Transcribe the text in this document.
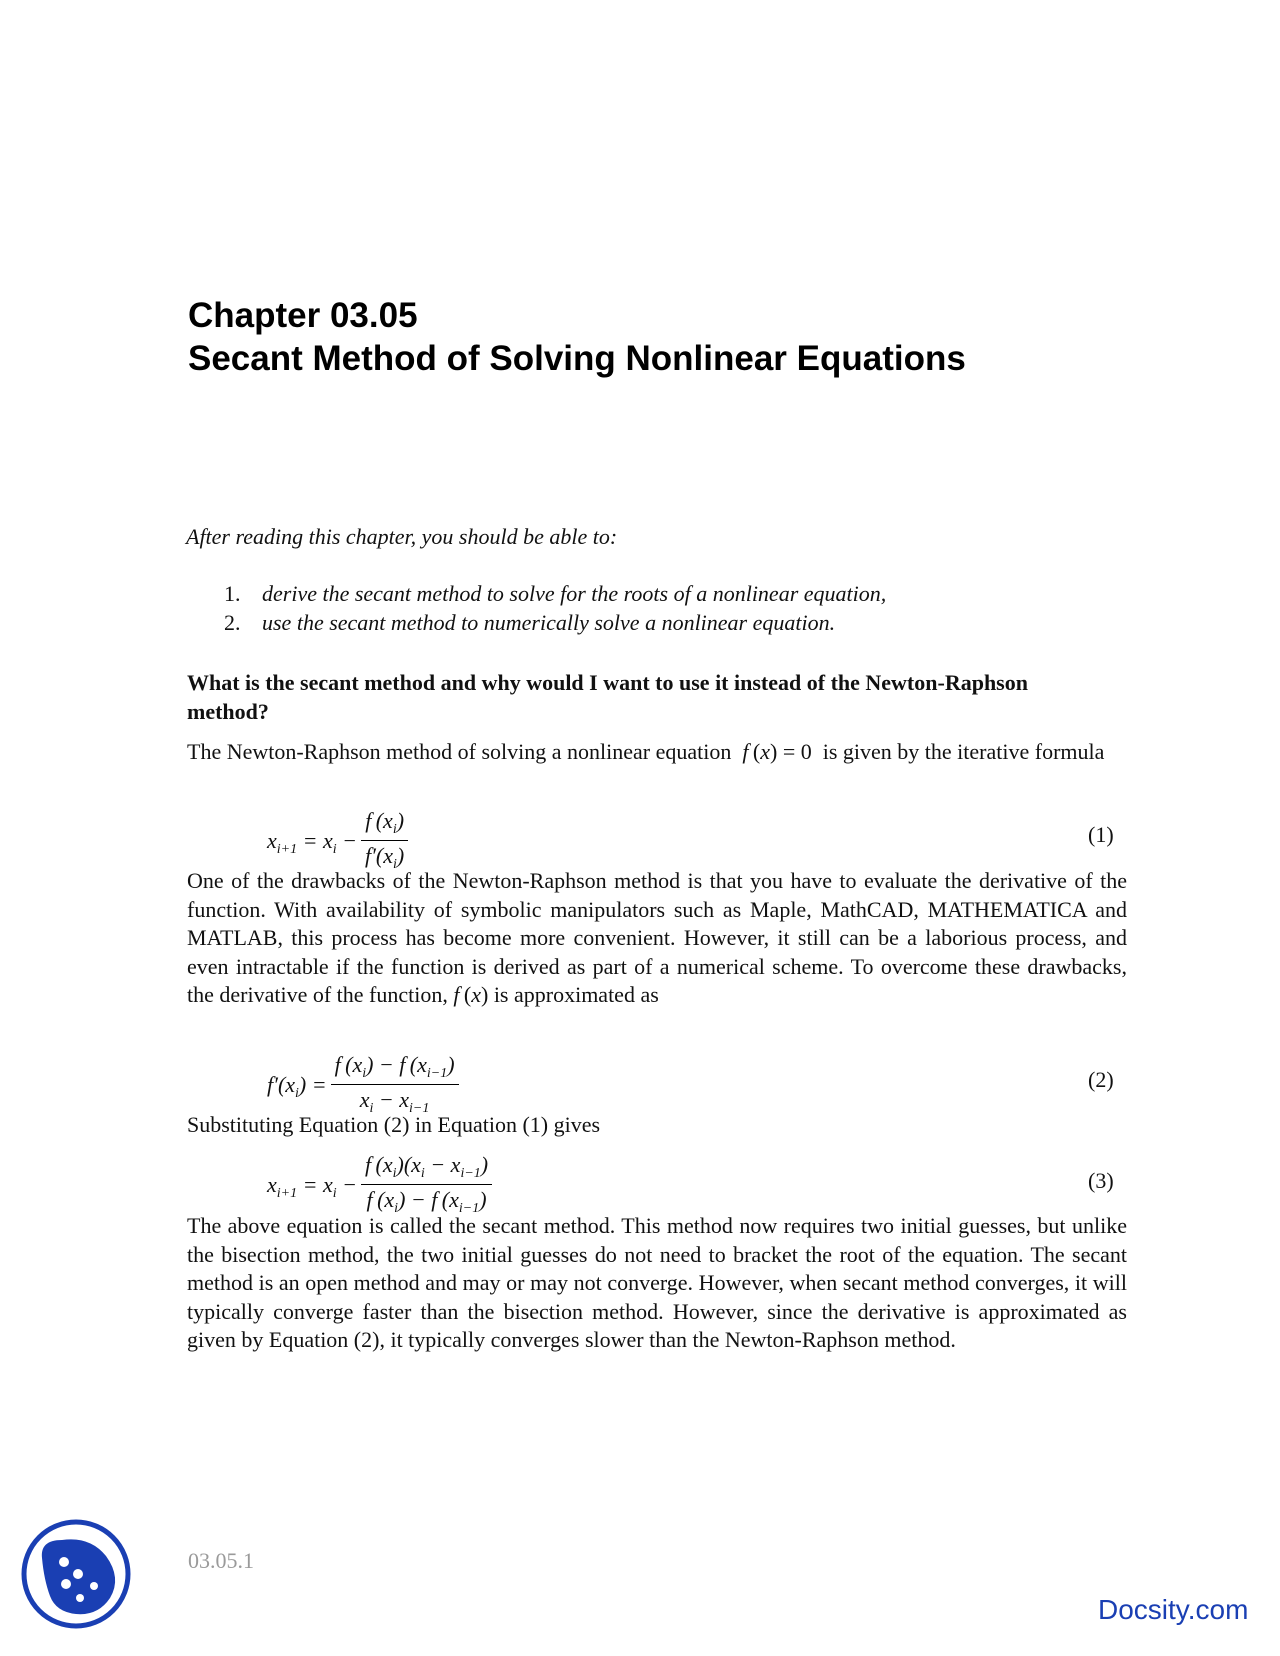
Chapter 03.05
Secant Method of Solving Nonlinear Equations

After reading this chapter, you should be able to:

1. derive the secant method to solve for the roots of a nonlinear equation,
2. use the secant method to numerically solve a nonlinear equation.
What is the secant method and why would I want to use it instead of the Newton-Raphson method?

The Newton-Raphson method of solving a nonlinear equation f (x) = 0  is given by the iterative formula

$x_{i+1} = x_i - \frac{f (x_i)}{f'(x_i)}$	(1)

One of the drawbacks of the Newton-Raphson method is that you have to evaluate the derivative of the function. With availability of symbolic manipulators such as Maple, MathCAD, MATHEMATICA and MATLAB, this process has become more convenient. However, it still can be a laborious process, and even intractable if the function is derived as part of a numerical scheme. To overcome these drawbacks, the derivative of the function, f (x) is approximated as

$f'(x_i) = \frac{f (x_i) - f (x_{i-1})}{x_i - x_{i-1}}$	(2)

Substituting Equation (2) in Equation (1) gives

$x_{i+1} = x_i - \frac{f (x_i)(x_i - x_{i-1})}{f (x_i) - f (x_{i-1})}$	(3)

The above equation is called the secant method. This method now requires two initial guesses, but unlike the bisection method, the two initial guesses do not need to bracket the root of the equation. The secant method is an open method and may or may not converge. However, when secant method converges, it will typically converge faster than the bisection method. However, since the derivative is approximated as given by Equation (2), it typically converges slower than the Newton-Raphson method.

03.05.1
Docsity.com
